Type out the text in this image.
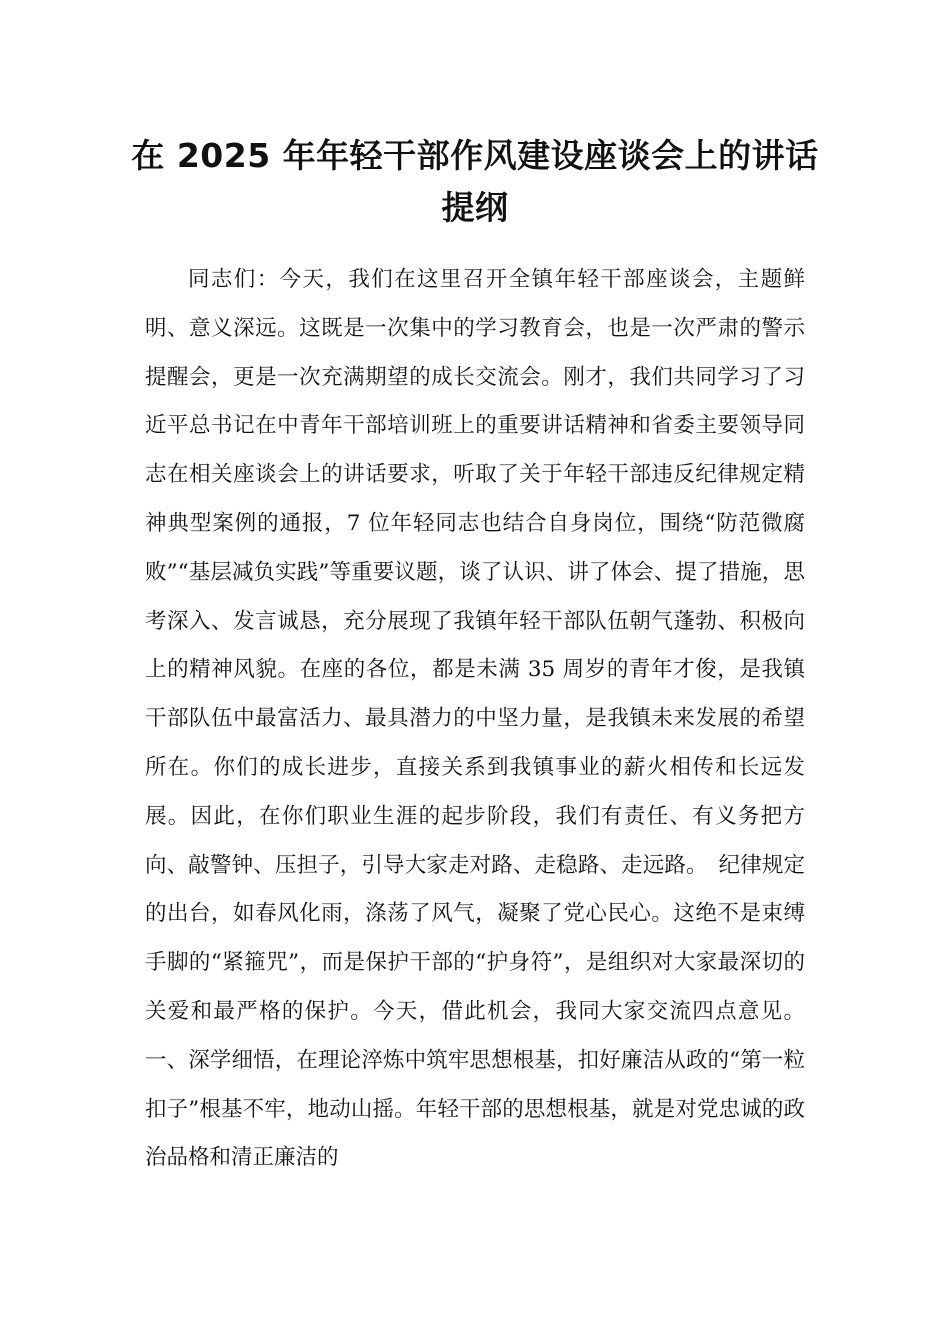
在 2025 年年轻干部作风建设座谈会上的讲话提纲

同志们：今天，我们在这里召开全镇年轻干部座谈会，主题鲜明、意义深远。这既是一次集中的学习教育会，也是一次严肃的警示提醒会，更是一次充满期望的成长交流会。刚才，我们共同学习了习近平总书记在中青年干部培训班上的重要讲话精神和省委主要领导同志在相关座谈会上的讲话要求，听取了关于年轻干部违反纪律规定精神典型案例的通报，7 位年轻同志也结合自身岗位，围绕“防范微腐败”“基层减负实践”等重要议题，谈了认识、讲了体会、提了措施，思考深入、发言诚恳，充分展现了我镇年轻干部队伍朝气蓬勃、积极向上的精神风貌。在座的各位，都是未满 35 周岁的青年才俊，是我镇干部队伍中最富活力、最具潜力的中坚力量，是我镇未来发展的希望所在。你们的成长进步，直接关系到我镇事业的薪火相传和长远发展。因此，在你们职业生涯的起步阶段，我们有责任、有义务把方向、敲警钟、压担子，引导大家走对路、走稳路、走远路。　纪律规定的出台，如春风化雨，涤荡了风气，凝聚了党心民心。这绝不是束缚手脚的“紧箍咒”，而是保护干部的“护身符”，是组织对大家最深切的关爱和最严格的保护。今天，借此机会，我同大家交流四点意见。一、深学细悟，在理论淬炼中筑牢思想根基，扣好廉洁从政的“第一粒扣子”根基不牢，地动山摇。年轻干部的思想根基，就是对党忠诚的政治品格和清正廉洁的
